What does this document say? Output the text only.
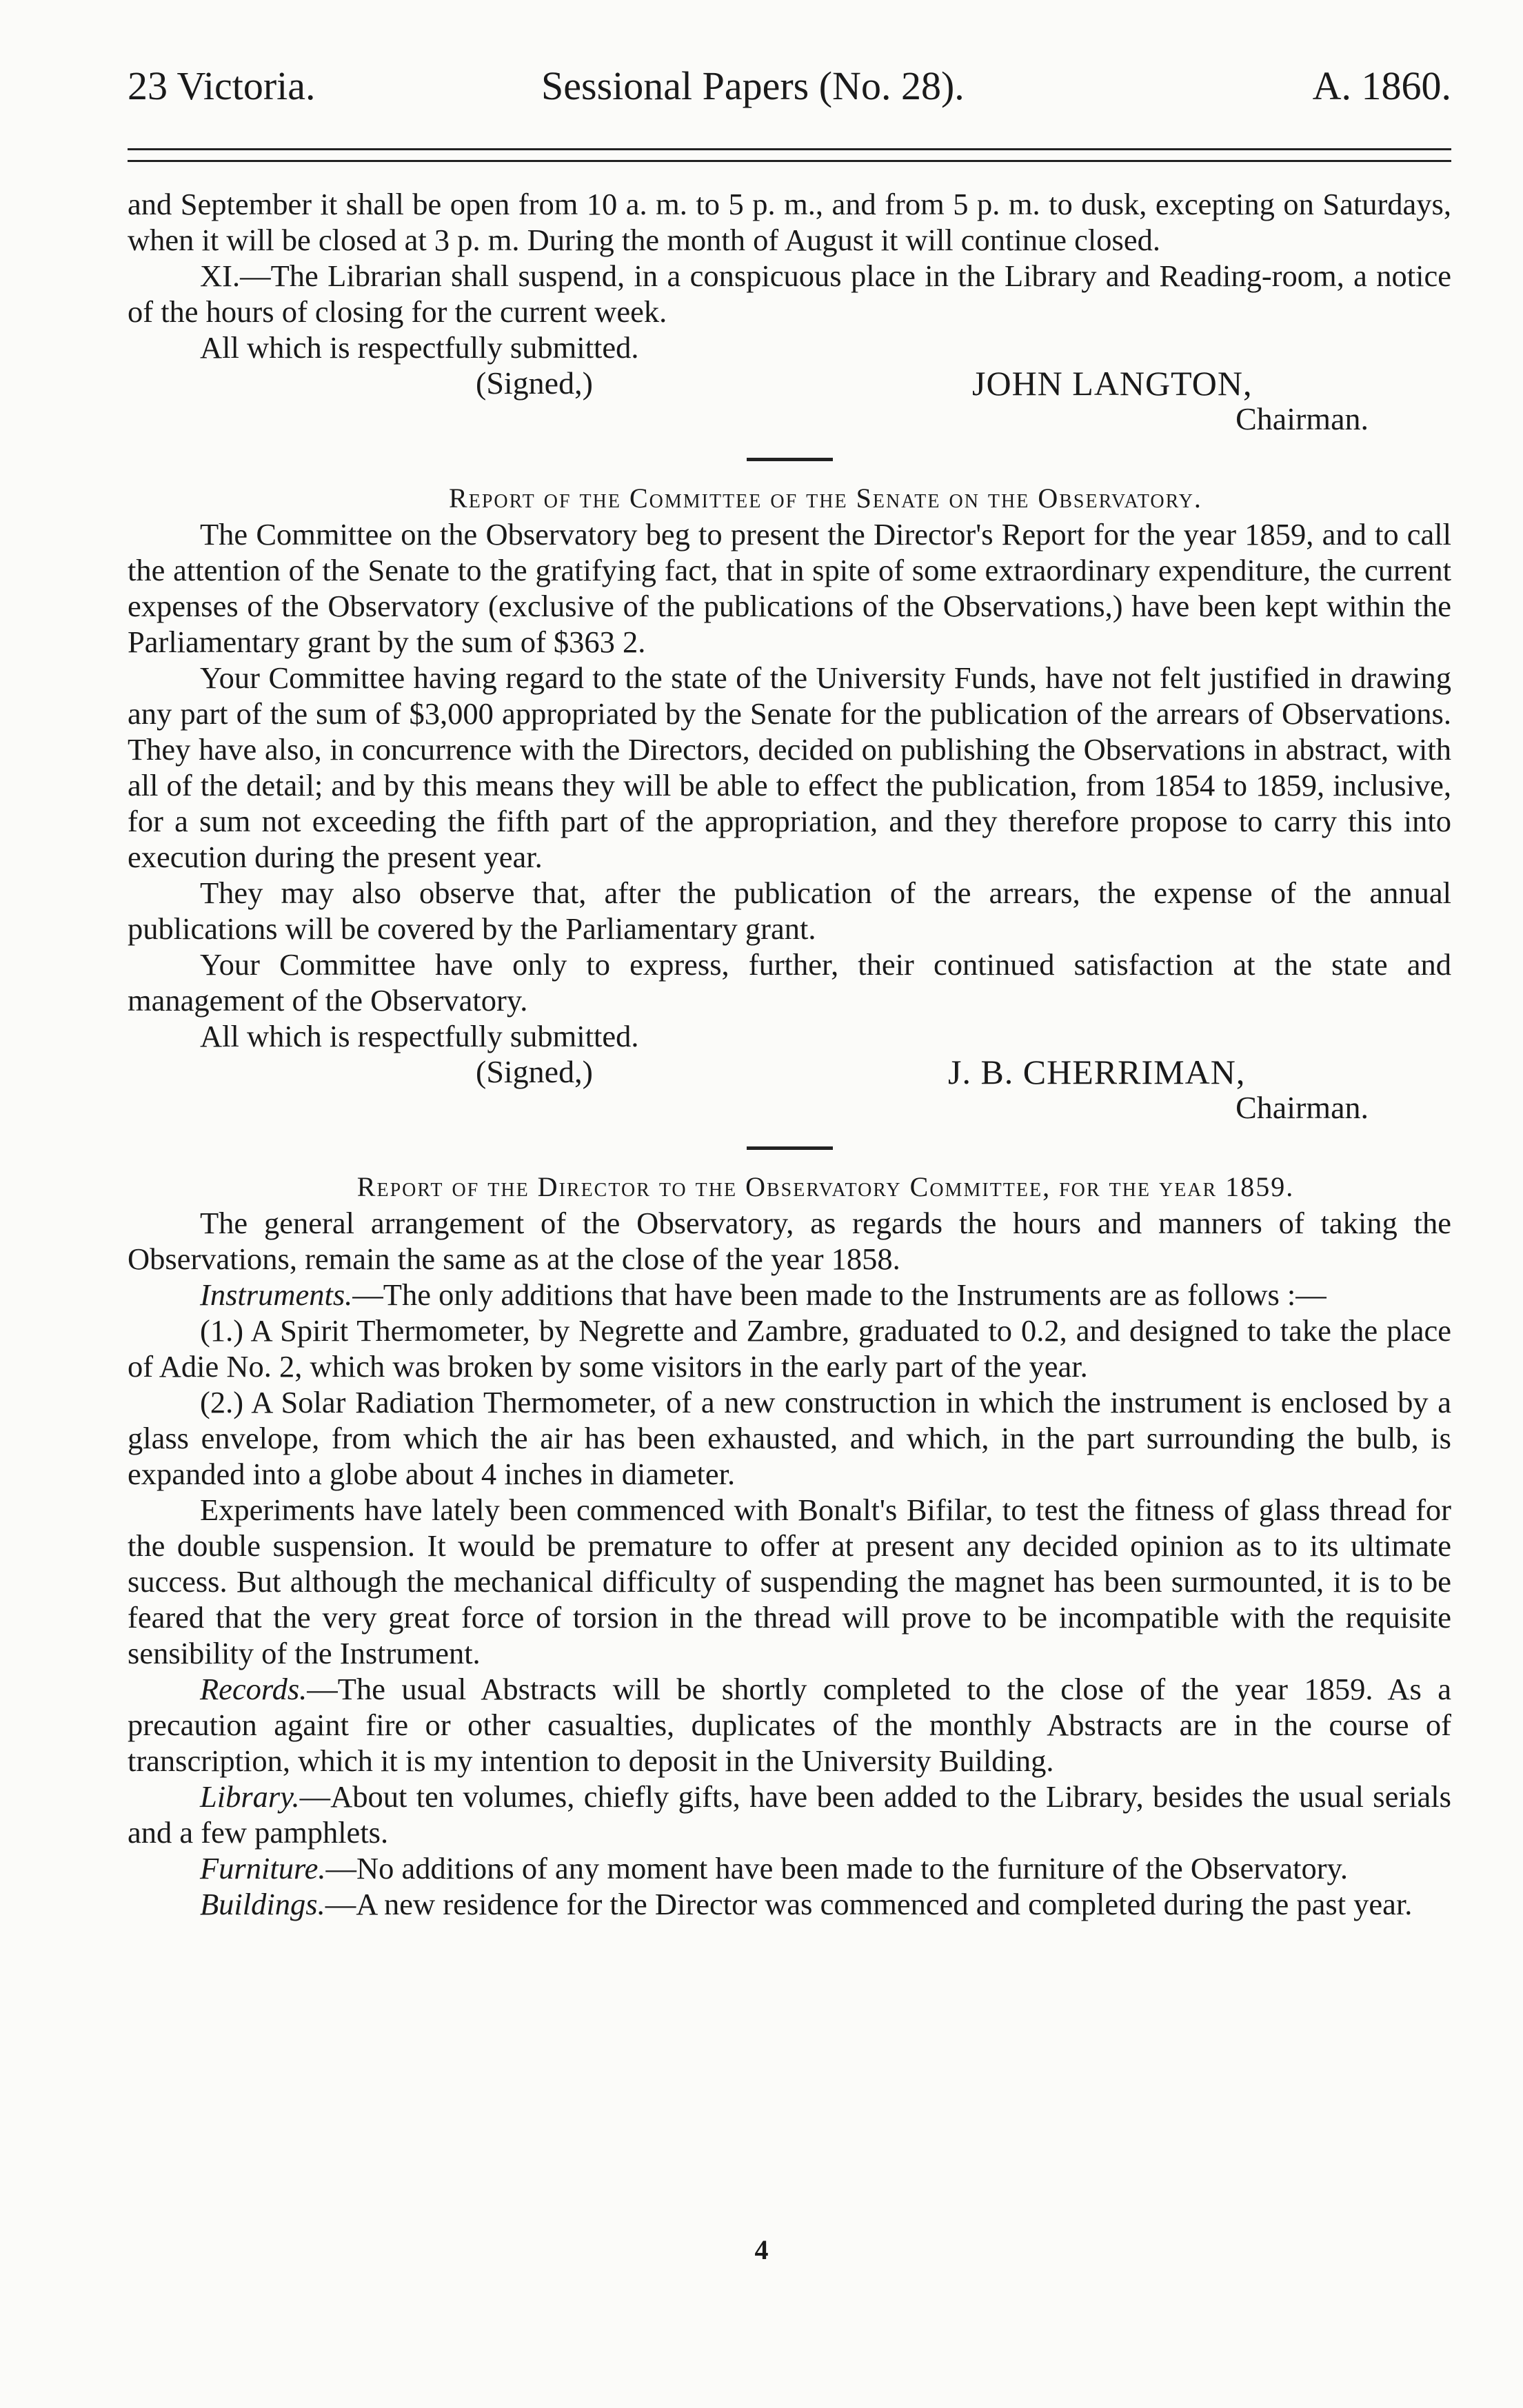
23 Victoria.	Sessional Papers (No. 28).	A. 1860.

and September it shall be open from 10 a. m. to 5 p. m., and from 5 p. m. to dusk, excepting on Saturdays, when it will be closed at 3 p. m. During the month of August it will continue closed.

XI.—The Librarian shall suspend, in a conspicuous place in the Library and Reading-room, a notice of the hours of closing for the current week.

All which is respectfully submitted.

(Signed,)	JOHN LANGTON,
Chairman.

Report of the Committee of the Senate on the Observatory.

The Committee on the Observatory beg to present the Director's Report for the year 1859, and to call the attention of the Senate to the gratifying fact, that in spite of some extraordinary expenditure, the current expenses of the Observatory (exclusive of the publications of the Observations,) have been kept within the Parliamentary grant by the sum of $363 2.

Your Committee having regard to the state of the University Funds, have not felt justified in drawing any part of the sum of $3,000 appropriated by the Senate for the publication of the arrears of Observations. They have also, in concurrence with the Directors, decided on publishing the Observations in abstract, with all of the detail; and by this means they will be able to effect the publication, from 1854 to 1859, inclusive, for a sum not exceeding the fifth part of the appropriation, and they therefore propose to carry this into execution during the present year.

They may also observe that, after the publication of the arrears, the expense of the annual publications will be covered by the Parliamentary grant.

Your Committee have only to express, further, their continued satisfaction at the state and management of the Observatory.

All which is respectfully submitted.

(Signed,)	J. B. CHERRIMAN,
Chairman.

Report of the Director to the Observatory Committee, for the year 1859.

The general arrangement of the Observatory, as regards the hours and manners of taking the Observations, remain the same as at the close of the year 1858.

Instruments.—The only additions that have been made to the Instruments are as follows :—

(1.) A Spirit Thermometer, by Negrette and Zambre, graduated to 0.2, and designed to take the place of Adie No. 2, which was broken by some visitors in the early part of the year.

(2.) A Solar Radiation Thermometer, of a new construction in which the instrument is enclosed by a glass envelope, from which the air has been exhausted, and which, in the part surrounding the bulb, is expanded into a globe about 4 inches in diameter.

Experiments have lately been commenced with Bonalt's Bifilar, to test the fitness of glass thread for the double suspension. It would be premature to offer at present any decided opinion as to its ultimate success. But although the mechanical difficulty of suspending the magnet has been surmounted, it is to be feared that the very great force of torsion in the thread will prove to be incompatible with the requisite sensibility of the Instrument.

Records.—The usual Abstracts will be shortly completed to the close of the year 1859. As a precaution againt fire or other casualties, duplicates of the monthly Abstracts are in the course of transcription, which it is my intention to deposit in the University Building.

Library.—About ten volumes, chiefly gifts, have been added to the Library, besides the usual serials and a few pamphlets.

Furniture.—No additions of any moment have been made to the furniture of the Observatory.

Buildings.—A new residence for the Director was commenced and completed during the past year.

4
